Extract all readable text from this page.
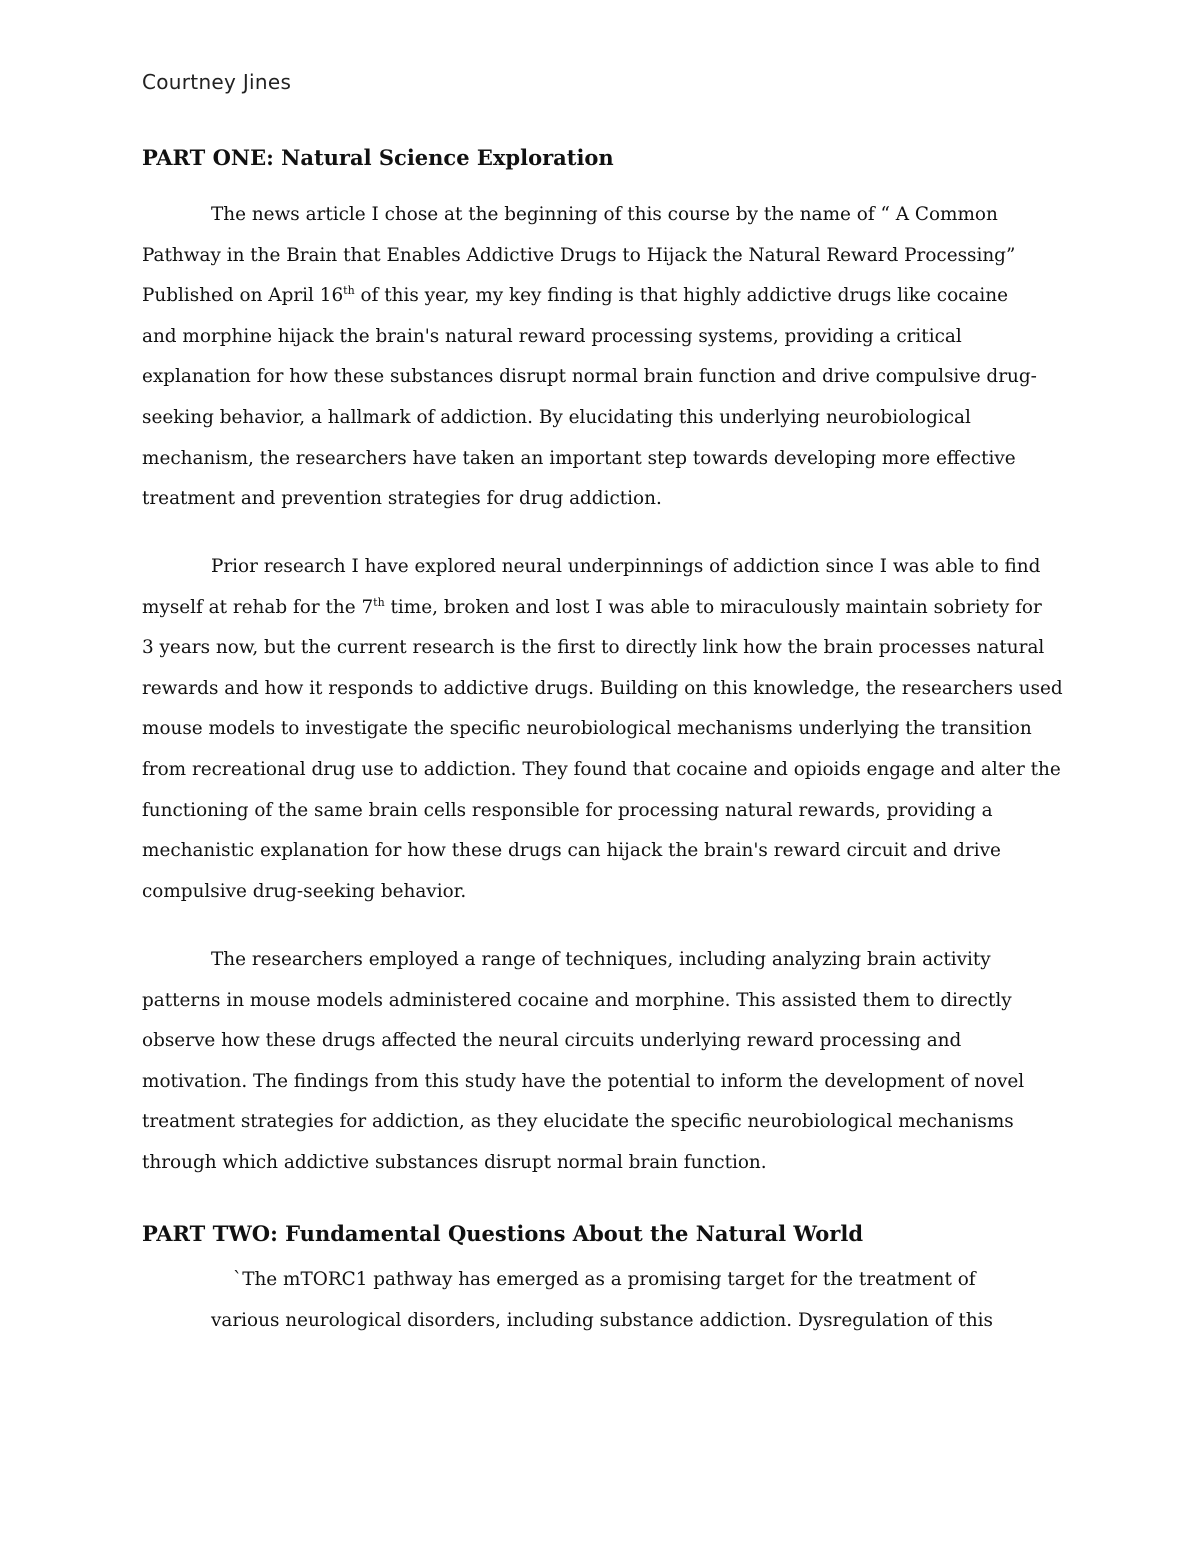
Courtney Jines
PART ONE: Natural Science Exploration
The news article I chose at the beginning of this course by the name of “ A Common
Pathway in the Brain that Enables Addictive Drugs to Hijack the Natural Reward Processing”
Published on April 16th of this year, my key finding is that highly addictive drugs like cocaine
and morphine hijack the brain's natural reward processing systems, providing a critical
explanation for how these substances disrupt normal brain function and drive compulsive drug-
seeking behavior, a hallmark of addiction. By elucidating this underlying neurobiological
mechanism, the researchers have taken an important step towards developing more effective
treatment and prevention strategies for drug addiction.
Prior research I have explored neural underpinnings of addiction since I was able to find
myself at rehab for the 7th time, broken and lost I was able to miraculously maintain sobriety for
3 years now, but the current research is the first to directly link how the brain processes natural
rewards and how it responds to addictive drugs. Building on this knowledge, the researchers used
mouse models to investigate the specific neurobiological mechanisms underlying the transition
from recreational drug use to addiction. They found that cocaine and opioids engage and alter the
functioning of the same brain cells responsible for processing natural rewards, providing a
mechanistic explanation for how these drugs can hijack the brain's reward circuit and drive
compulsive drug-seeking behavior.
The researchers employed a range of techniques, including analyzing brain activity
patterns in mouse models administered cocaine and morphine. This assisted them to directly
observe how these drugs affected the neural circuits underlying reward processing and
motivation. The findings from this study have the potential to inform the development of novel
treatment strategies for addiction, as they elucidate the specific neurobiological mechanisms
through which addictive substances disrupt normal brain function.
PART TWO: Fundamental Questions About the Natural World
`The mTORC1 pathway has emerged as a promising target for the treatment of
various neurological disorders, including substance addiction. Dysregulation of this
